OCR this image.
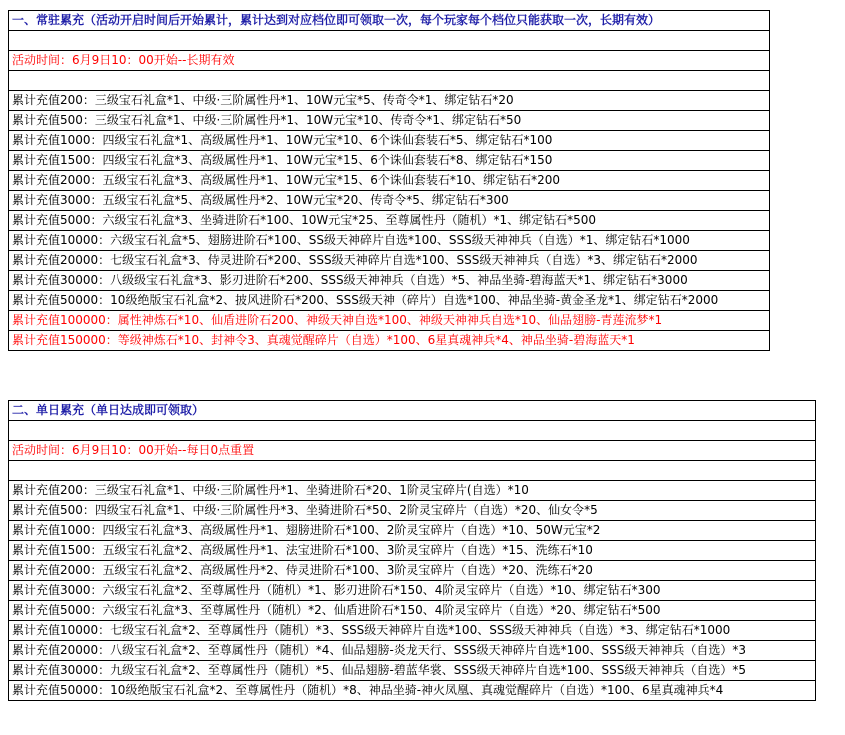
一、常驻累充（活动开启时间后开始累计，累计达到对应档位即可领取一次，每个玩家每个档位只能获取一次，长期有效）

活动时间：6月9日10：00开始--长期有效

累计充值200：三级宝石礼盒*1、中级·三阶属性丹*1、10W元宝*5、传奇令*1、绑定钻石*20
累计充值500：三级宝石礼盒*1、中级·三阶属性丹*1、10W元宝*10、传奇令*1、绑定钻石*50
累计充值1000：四级宝石礼盒*1、高级属性丹*1、10W元宝*10、6个诛仙套装石*5、绑定钻石*100
累计充值1500：四级宝石礼盒*3、高级属性丹*1、10W元宝*15、6个诛仙套装石*8、绑定钻石*150
累计充值2000：五级宝石礼盒*3、高级属性丹*1、10W元宝*15、6个诛仙套装石*10、绑定钻石*200
累计充值3000：五级宝石礼盒*5、高级属性丹*2、10W元宝*20、传奇令*5、绑定钻石*300
累计充值5000：六级宝石礼盒*3、坐骑进阶石*100、10W元宝*25、至尊属性丹（随机）*1、绑定钻石*500
累计充值10000：六级宝石礼盒*5、翅膀进阶石*100、SS级天神碎片自选*100、SSS级天神神兵（自选）*1、绑定钻石*1000
累计充值20000：七级宝石礼盒*3、侍灵进阶石*200、SSS级天神碎片自选*100、SSS级天神神兵（自选）*3、绑定钻石*2000
累计充值30000：八级级宝石礼盒*3、影刃进阶石*200、SSS级天神神兵（自选）*5、神品坐骑-碧海蓝天*1、绑定钻石*3000
累计充值50000：10级绝版宝石礼盒*2、披风进阶石*200、SSS级天神（碎片）自选*100、神品坐骑-黄金圣龙*1、绑定钻石*2000
累计充值100000：属性神炼石*10、仙盾进阶石200、神级天神自选*100、神级天神神兵自选*10、仙品翅膀-青莲流梦*1
累计充值150000：等级神炼石*10、封神令3、真魂觉醒碎片（自选）*100、6星真魂神兵*4、神品坐骑-碧海蓝天*1
二、单日累充（单日达成即可领取）

活动时间：6月9日10：00开始--每日0点重置

累计充值200：三级宝石礼盒*1、中级·三阶属性丹*1、坐骑进阶石*20、1阶灵宝碎片(自选）*10
累计充值500：四级宝石礼盒*1、中级·三阶属性丹*3、坐骑进阶石*50、2阶灵宝碎片（自选）*20、仙女令*5
累计充值1000：四级宝石礼盒*3、高级属性丹*1、翅膀进阶石*100、2阶灵宝碎片（自选）*10、50W元宝*2
累计充值1500：五级宝石礼盒*2、高级属性丹*1、法宝进阶石*100、3阶灵宝碎片（自选）*15、洗练石*10
累计充值2000：五级宝石礼盒*2、高级属性丹*2、侍灵进阶石*100、3阶灵宝碎片（自选）*20、洗练石*20
累计充值3000：六级宝石礼盒*2、至尊属性丹（随机）*1、影刃进阶石*150、4阶灵宝碎片（自选）*10、绑定钻石*300
累计充值5000：六级宝石礼盒*3、至尊属性丹（随机）*2、仙盾进阶石*150、4阶灵宝碎片（自选）*20、绑定钻石*500
累计充值10000：七级宝石礼盒*2、至尊属性丹（随机）*3、SSS级天神碎片自选*100、SSS级天神神兵（自选）*3、绑定钻石*1000
累计充值20000：八级宝石礼盒*2、至尊属性丹（随机）*4、仙品翅膀-炎龙天行、SSS级天神碎片自选*100、SSS级天神神兵（自选）*3
累计充值30000：九级宝石礼盒*2、至尊属性丹（随机）*5、仙品翅膀-碧蓝华裳、SSS级天神碎片自选*100、SSS级天神神兵（自选）*5
累计充值50000：10级绝版宝石礼盒*2、至尊属性丹（随机）*8、神品坐骑-神火凤凰、真魂觉醒碎片（自选）*100、6星真魂神兵*4
